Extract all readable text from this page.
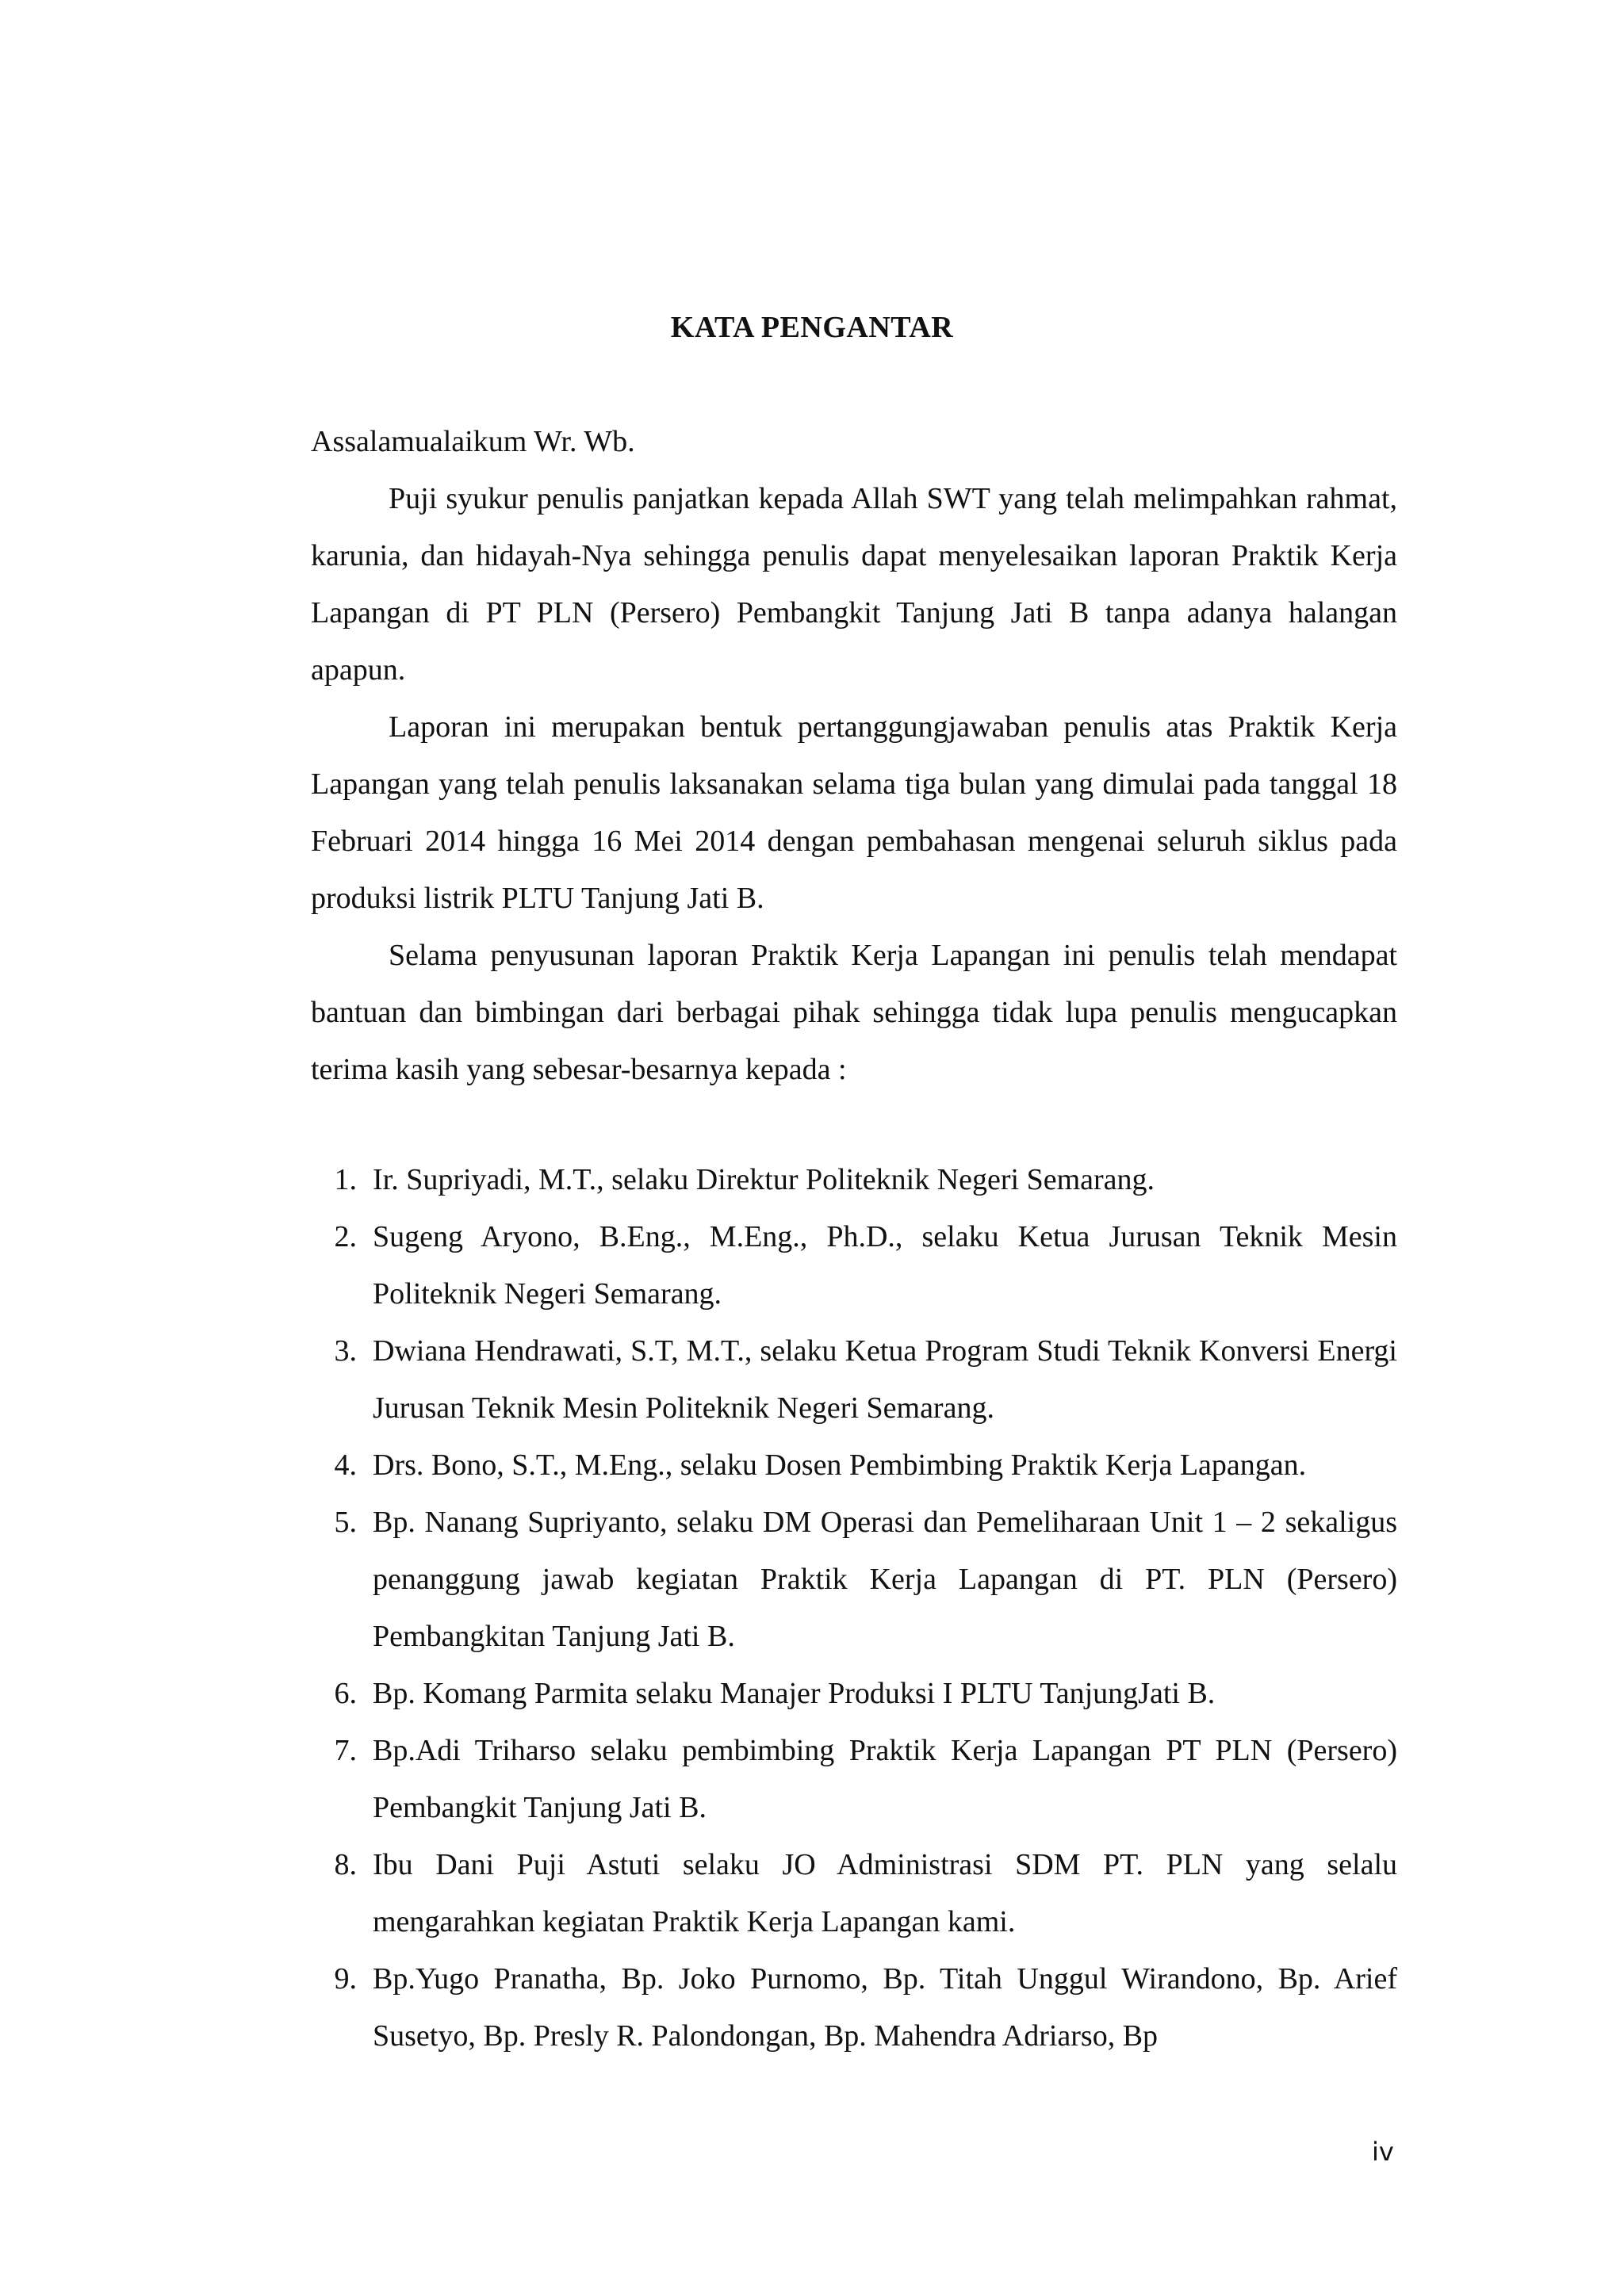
KATA PENGANTAR
Assalamualaikum Wr. Wb.

Puji syukur penulis panjatkan kepada Allah SWT yang telah melimpahkan rahmat, karunia, dan hidayah-Nya sehingga penulis dapat menyelesaikan laporan Praktik Kerja Lapangan di PT PLN (Persero) Pembangkit Tanjung Jati B tanpa adanya halangan apapun.

Laporan ini merupakan bentuk pertanggungjawaban penulis atas Praktik Kerja Lapangan yang telah penulis laksanakan selama tiga bulan yang dimulai pada tanggal 18 Februari 2014 hingga 16 Mei 2014 dengan pembahasan mengenai seluruh siklus pada produksi listrik PLTU Tanjung Jati B.

Selama penyusunan laporan Praktik Kerja Lapangan ini penulis telah mendapat bantuan dan bimbingan dari berbagai pihak sehingga tidak lupa penulis mengucapkan terima kasih yang sebesar-besarnya kepada :

1. Ir. Supriyadi, M.T., selaku Direktur Politeknik Negeri Semarang.
2. Sugeng Aryono, B.Eng., M.Eng., Ph.D., selaku Ketua Jurusan Teknik Mesin Politeknik Negeri Semarang.
3. Dwiana Hendrawati, S.T, M.T., selaku Ketua Program Studi Teknik Konversi Energi Jurusan Teknik Mesin Politeknik Negeri Semarang.
4. Drs. Bono, S.T., M.Eng., selaku Dosen Pembimbing Praktik Kerja Lapangan.
5. Bp. Nanang Supriyanto, selaku DM Operasi dan Pemeliharaan Unit 1 – 2 sekaligus penanggung jawab kegiatan Praktik Kerja Lapangan di PT. PLN (Persero) Pembangkitan Tanjung Jati B.
6. Bp. Komang Parmita selaku Manajer Produksi I PLTU TanjungJati B.
7. Bp.Adi Triharso selaku pembimbing Praktik Kerja Lapangan PT PLN (Persero) Pembangkit Tanjung Jati B.
8. Ibu Dani Puji Astuti selaku JO Administrasi SDM PT. PLN yang selalu mengarahkan kegiatan Praktik Kerja Lapangan kami.
9. Bp.Yugo Pranatha, Bp. Joko Purnomo, Bp. Titah Unggul Wirandono, Bp. Arief Susetyo, Bp. Presly R. Palondongan, Bp. Mahendra Adriarso, Bp
iv
